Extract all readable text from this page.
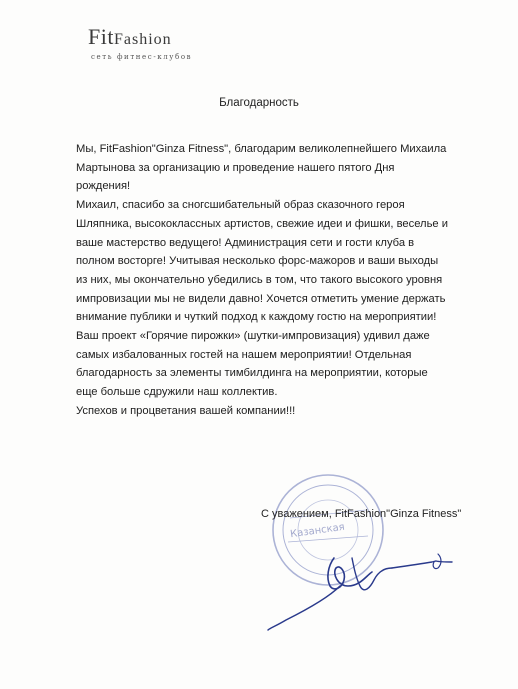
FitFashion
сеть фитнес-клубов
Благодарность

Мы, FitFashion"Ginza Fitness", благодарим великолепнейшего Михаила
Мартынова за организацию и проведение нашего пятого Дня
рождения!

Михаил, спасибо за сногсшибательный образ сказочного героя
Шляпника, высококлассных артистов, свежие идеи и фишки, веселье и
ваше мастерство ведущего! Администрация сети и гости клуба в
полном восторге! Учитывая несколько форс-мажоров и ваши выходы
из них, мы окончательно убедились в том, что такого высокого уровня
импровизации мы не видели давно! Хочется отметить умение держать
внимание публики и чуткий подход к каждому гостю на мероприятии!
Ваш проект «Горячие пирожки» (шутки-импровизация) удивил даже
самых избалованных гостей на нашем мероприятии! Отдельная
благодарность за элементы тимбилдинга на мероприятии, которые
еще больше сдружили наш коллектив.

Успехов и процветания вашей компании!!!

Казанская
С уважением, FitFashion"Ginza Fitness"
